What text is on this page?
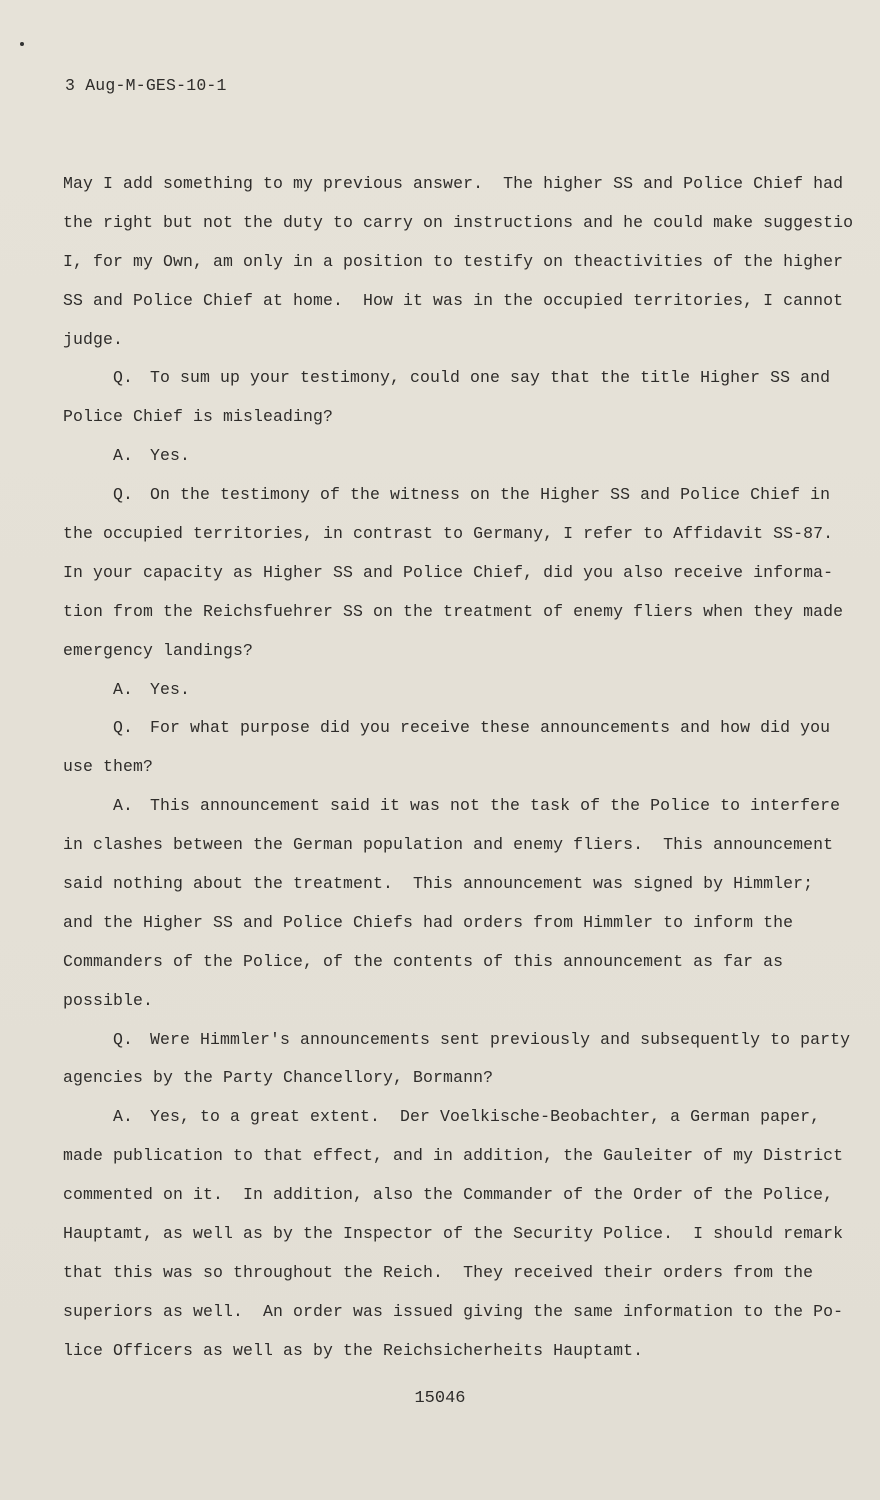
3 Aug-M-GES-10-1
May I add something to my previous answer.  The higher SS and Police Chief had
the right but not the duty to carry on instructions and he could make suggestio
I, for my Own, am only in a position to testify on theactivities of the higher
SS and Police Chief at home.  How it was in the occupied territories, I cannot
judge.
Q. To sum up your testimony, could one say that the title Higher SS and
Police Chief is misleading?
A. Yes.
Q. On the testimony of the witness on the Higher SS and Police Chief in
the occupied territories, in contrast to Germany, I refer to Affidavit SS-87.
In your capacity as Higher SS and Police Chief, did you also receive informa-
tion from the Reichsfuehrer SS on the treatment of enemy fliers when they made
emergency landings?
A. Yes.
Q. For what purpose did you receive these announcements and how did you
use them?
A. This announcement said it was not the task of the Police to interfere
in clashes between the German population and enemy fliers.  This announcement
said nothing about the treatment.  This announcement was signed by Himmler;
and the Higher SS and Police Chiefs had orders from Himmler to inform the
Commanders of the Police, of the contents of this announcement as far as
possible.
Q. Were Himmler's announcements sent previously and subsequently to party
agencies by the Party Chancellory, Bormann?
A. Yes, to a great extent.  Der Voelkische-Beobachter, a German paper,
made publication to that effect, and in addition, the Gauleiter of my District
commented on it.  In addition, also the Commander of the Order of the Police,
Hauptamt, as well as by the Inspector of the Security Police.  I should remark
that this was so throughout the Reich.  They received their orders from the
superiors as well.  An order was issued giving the same information to the Po-
lice Officers as well as by the Reichsicherheits Hauptamt.
15046
